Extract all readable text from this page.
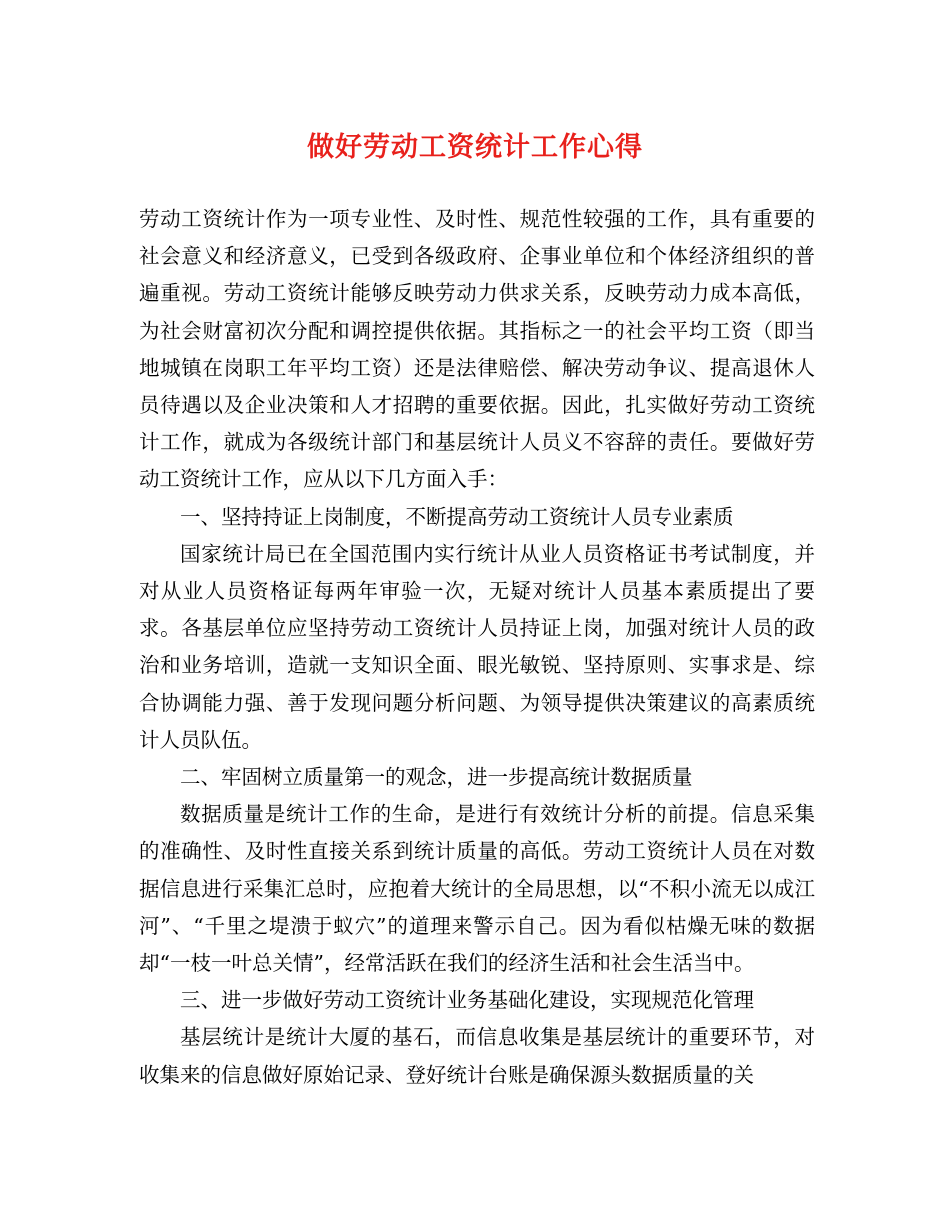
做好劳动工资统计工作心得

劳动工资统计作为一项专业性、及时性、规范性较强的工作，具有重要的社会意义和经济意义，已受到各级政府、企事业单位和个体经济组织的普遍重视。劳动工资统计能够反映劳动力供求关系，反映劳动力成本高低，为社会财富初次分配和调控提供依据。其指标之一的社会平均工资（即当地城镇在岗职工年平均工资）还是法律赔偿、解决劳动争议、提高退休人员待遇以及企业决策和人才招聘的重要依据。因此，扎实做好劳动工资统计工作，就成为各级统计部门和基层统计人员义不容辞的责任。要做好劳动工资统计工作，应从以下几方面入手：

一、坚持持证上岗制度，不断提高劳动工资统计人员专业素质

国家统计局已在全国范围内实行统计从业人员资格证书考试制度，并对从业人员资格证每两年审验一次，无疑对统计人员基本素质提出了要求。各基层单位应坚持劳动工资统计人员持证上岗，加强对统计人员的政治和业务培训，造就一支知识全面、眼光敏锐、坚持原则、实事求是、综合协调能力强、善于发现问题分析问题、为领导提供决策建议的高素质统计人员队伍。

二、牢固树立质量第一的观念，进一步提高统计数据质量

数据质量是统计工作的生命，是进行有效统计分析的前提。信息采集的准确性、及时性直接关系到统计质量的高低。劳动工资统计人员在对数据信息进行采集汇总时，应抱着大统计的全局思想，以“不积小流无以成江河”、“千里之堤溃于蚁穴”的道理来警示自己。因为看似枯燥无味的数据却“一枝一叶总关情”，经常活跃在我们的经济生活和社会生活当中。

三、进一步做好劳动工资统计业务基础化建设，实现规范化管理

基层统计是统计大厦的基石，而信息收集是基层统计的重要环节，对收集来的信息做好原始记录、登好统计台账是确保源头数据质量的关
